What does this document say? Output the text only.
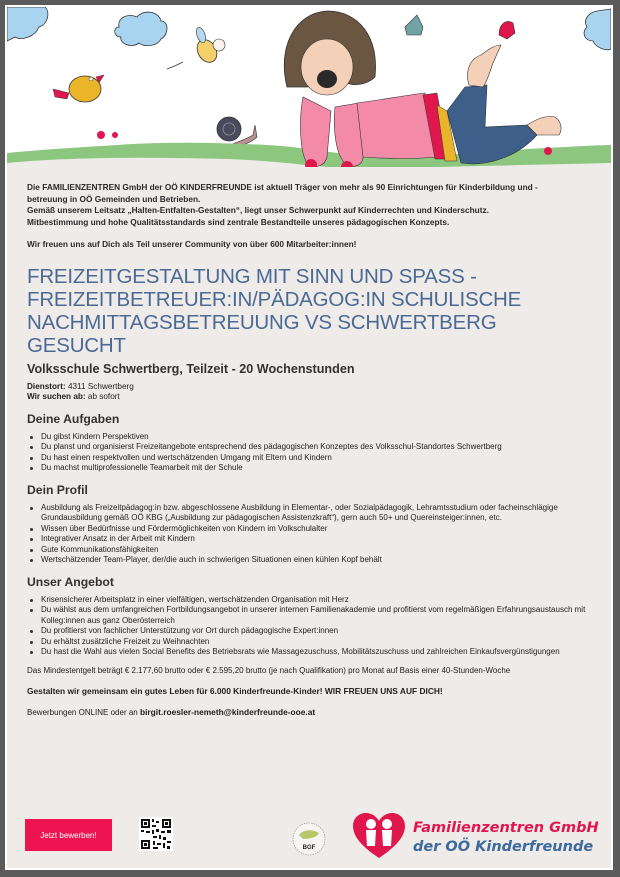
Die FAMILIENZENTREN GmbH der OÖ KINDERFREUNDE ist aktuell Träger von mehr als 90 Einrichtungen für Kinderbildung und -

betreuung in OÖ Gemeinden und Betrieben.

Gemäß unserem Leitsatz „Halten-Entfalten-Gestalten“, liegt unser Schwerpunkt auf Kinderrechten und Kinderschutz.

Mitbestimmung und hohe Qualitätsstandards sind zentrale Bestandteile unseres pädagogischen Konzepts.

Wir freuen uns auf Dich als Teil unserer Community von über 600 Mitarbeiter:innen!

FREIZEITGESTALTUNG MIT SINN UND SPASS -
FREIZEITBETREUER:IN/PÄDAGOG:IN SCHULISCHE
NACHMITTAGSBETREUUNG VS SCHWERTBERG
GESUCHT
Volksschule Schwertberg, Teilzeit - 20 Wochenstunden
Dienstort: 4311 Schwertberg
Wir suchen ab: ab sofort
Deine Aufgaben
Du gibst Kindern Perspektiven
Du planst und organisierst Freizeitangebote entsprechend des pädagogischen Konzeptes des Volksschul-Standortes Schwertberg
Du hast einen respektvollen und wertschätzenden Umgang mit Eltern und Kindern
Du machst multiprofessionelle Teamarbeit mit der Schule
Dein Profil
Ausbildung als Freizeitpädagog:in bzw. abgeschlossene Ausbildung in Elementar-, oder Sozialpädagogik, Lehramtsstudium oder facheinschlägige Grundausbildung gemäß OÖ KBG („Ausbildung zur pädagogischen Assistenzkraft“), gern auch 50+ und Quereinsteiger:innen, etc.
Wissen über Bedürfnisse und Fördermöglichkeiten von Kindern im Volkschulalter
Integrativer Ansatz in der Arbeit mit Kindern
Gute Kommunikationsfähigkeiten
Wertschätzender Team-Player, der/die auch in schwierigen Situationen einen kühlen Kopf behält
Unser Angebot
Krisensicherer Arbeitsplatz in einer vielfältigen, wertschätzenden Organisation mit Herz
Du wählst aus dem umfangreichen Fortbildungsangebot in unserer internen Familienakademie und profitierst vom regelmäßigen Erfahrungsaustausch mit Kolleg:innen aus ganz Oberösterreich
Du profitierst von fachlicher Unterstützung vor Ort durch pädagogische Expert:innen
Du erhältst zusätzliche Freizeit zu Weihnachten
Du hast die Wahl aus vielen Social Benefits des Betriebsrats wie Massagezuschuss, Mobilitätszuschuss und zahlreichen Einkaufsvergünstigungen
Das Mindestentgelt beträgt € 2.177,60 brutto oder € 2.595,20 brutto (je nach Qualifikation) pro Monat auf Basis einer 40-Stunden-Woche
Gestalten wir gemeinsam ein gutes Leben für 6.000 Kinderfreunde-Kinder! WIR FREUEN UNS AUF DICH!
Bewerbungen ONLINE oder an birgit.roesler-nemeth@kinderfreunde-ooe.at
Jetzt bewerben!
BGF
Familienzentren GmbH
der OÖ Kinderfreunde
